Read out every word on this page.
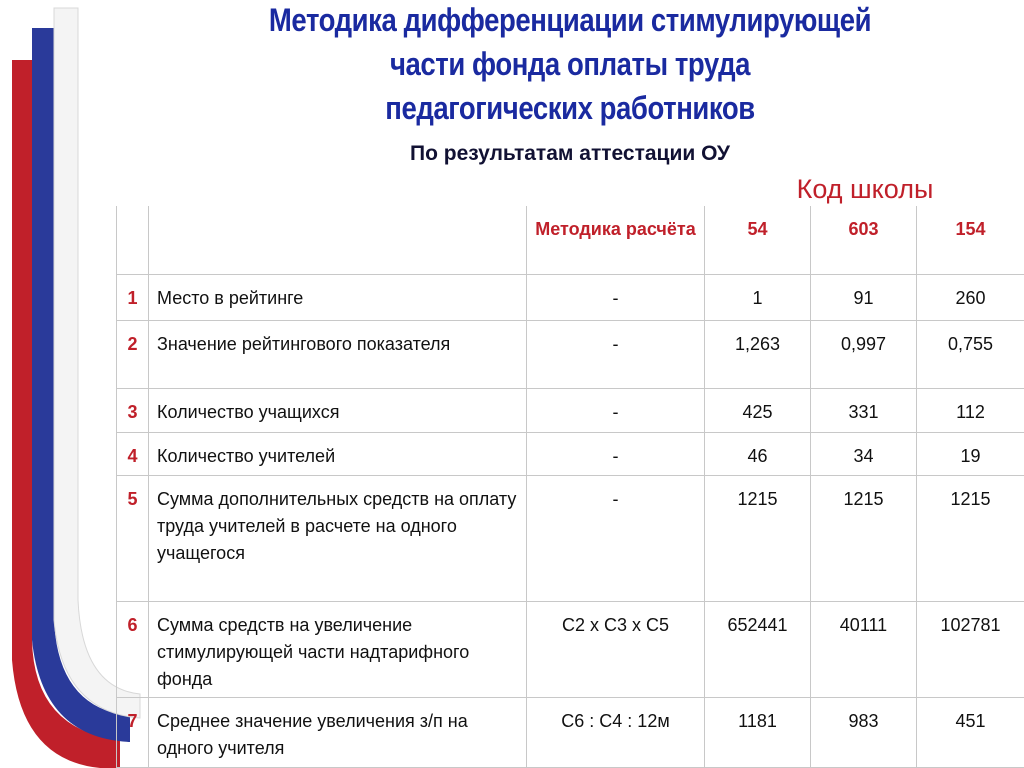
Методика дифференциации стимулирующей
части фонда оплаты труда
педагогических работников
По результатам аттестации ОУ
Код школы
		Методика расчёта	54	603	154
1	Место в рейтинге	-	1	91	260
2	Значение рейтингового показателя	-	1,263	0,997	0,755
3	Количество учащихся	-	425	331	112
4	Количество учителей	-	46	34	19
5	Сумма дополнительных средств на оплату труда учителей в расчете на одного учащегося	-	1215	1215	1215
6	Сумма средств на увеличение стимулирующей части надтарифного фонда	С2 х С3 х С5	652441	40111	102781
7	Среднее значение увеличения з/п на одного учителя	С6 : С4 : 12м	1181	983	451
